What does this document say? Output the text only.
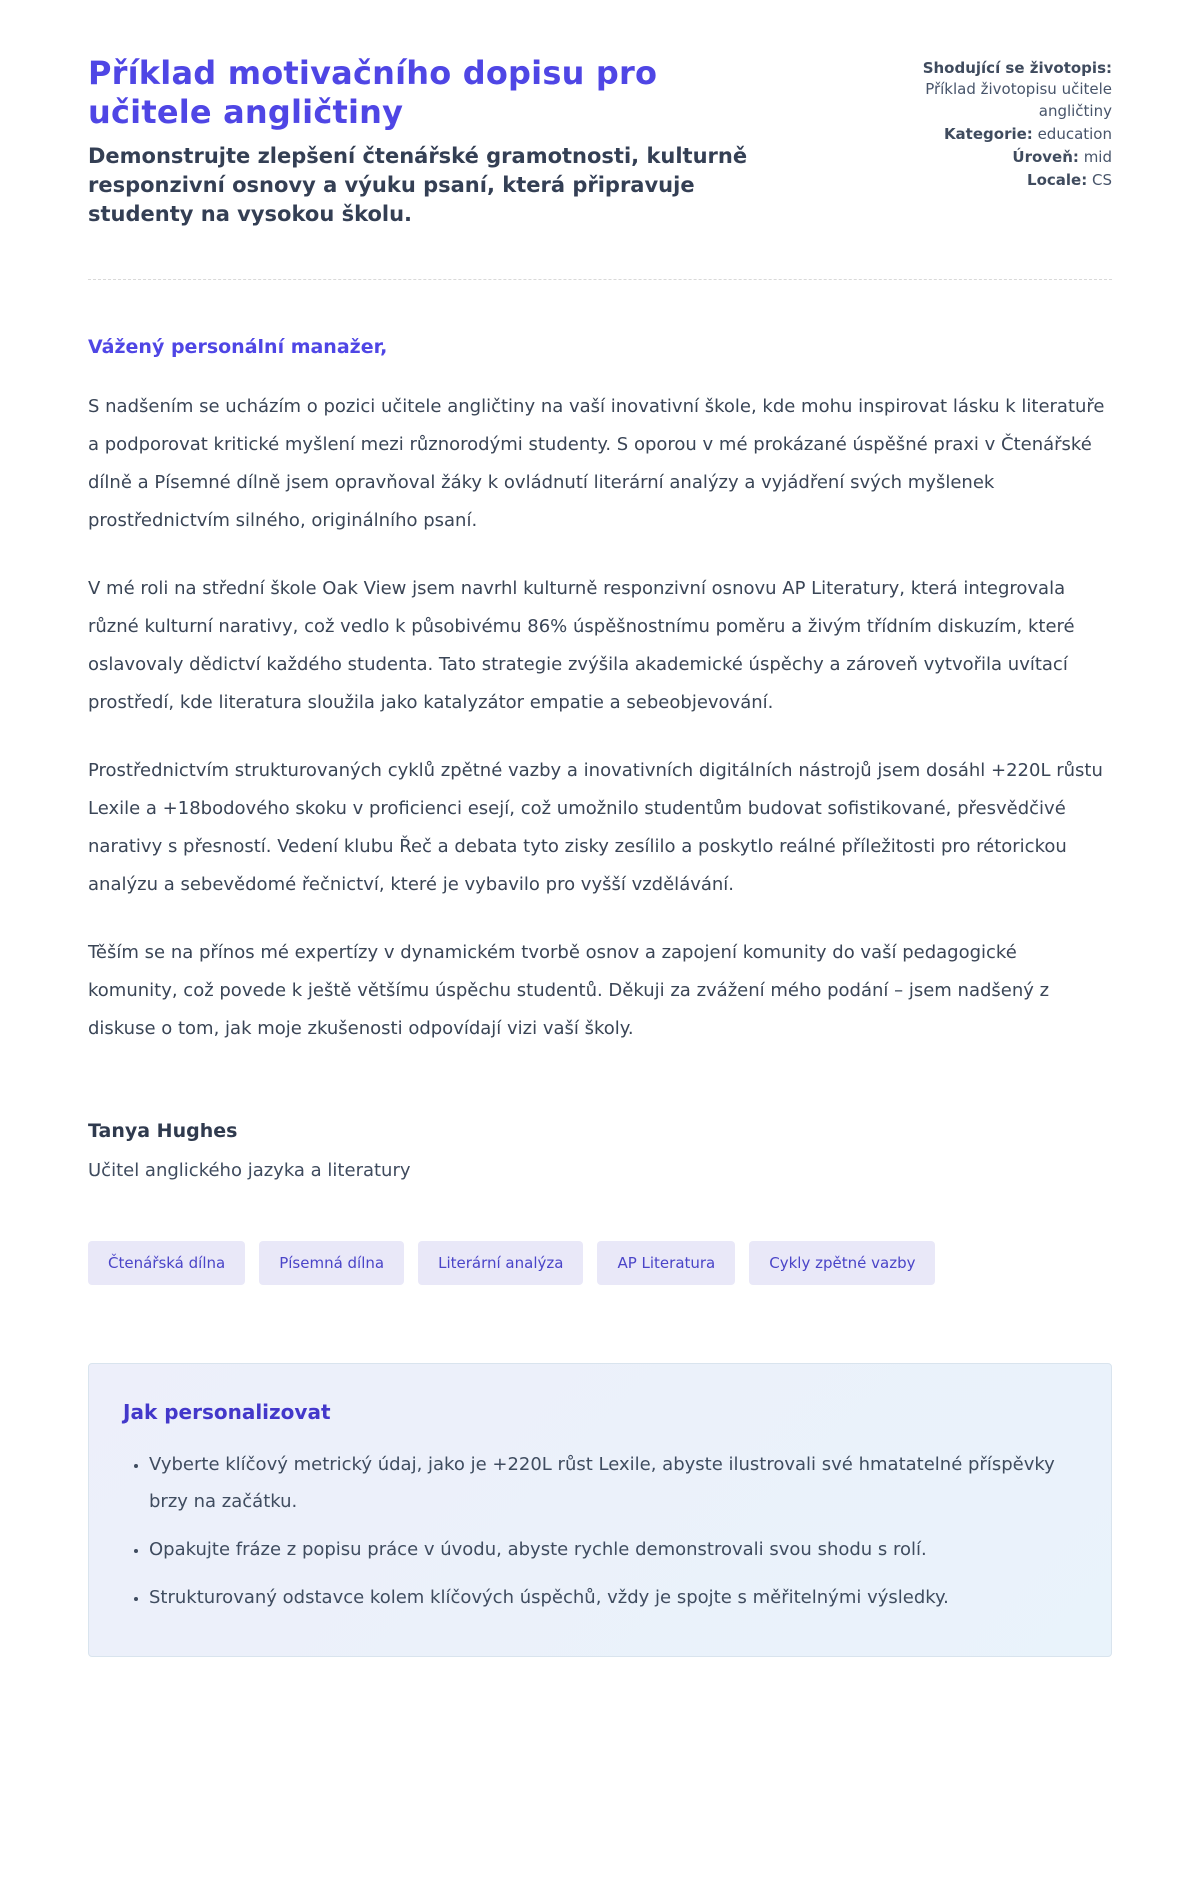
Příklad motivačního dopisu pro učitele angličtiny
Demonstrujte zlepšení čtenářské gramotnosti, kulturně responzivní osnovy a výuku psaní, která připravuje studenty na vysokou školu.
Shodující se životopis: Příklad životopisu učitele angličtiny
Kategorie: education
Úroveň: mid
Locale: CS
Vážený personální manažer,

S nadšením se ucházím o pozici učitele angličtiny na vaší inovativní škole, kde mohu inspirovat lásku k literatuře a podporovat kritické myšlení mezi různorodými studenty. S oporou v mé prokázané úspěšné praxi v Čtenářské dílně a Písemné dílně jsem opravňoval žáky k ovládnutí literární analýzy a vyjádření svých myšlenek prostřednictvím silného, originálního psaní.

V mé roli na střední škole Oak View jsem navrhl kulturně responzivní osnovu AP Literatury, která integrovala různé kulturní narativy, což vedlo k působivému 86% úspěšnostnímu poměru a živým třídním diskuzím, které oslavovaly dědictví každého studenta. Tato strategie zvýšila akademické úspěchy a zároveň vytvořila uvítací prostředí, kde literatura sloužila jako katalyzátor empatie a sebeobjevování.

Prostřednictvím strukturovaných cyklů zpětné vazby a inovativních digitálních nástrojů jsem dosáhl +220L růstu Lexile a +18bodového skoku v proficienci esejí, což umožnilo studentům budovat sofistikované, přesvědčivé narativy s přesností. Vedení klubu Řeč a debata tyto zisky zesílilo a poskytlo reálné příležitosti pro rétorickou analýzu a sebevědomé řečnictví, které je vybavilo pro vyšší vzdělávání.

Těším se na přínos mé expertízy v dynamickém tvorbě osnov a zapojení komunity do vaší pedagogické komunity, což povede k ještě většímu úspěchu studentů. Děkuji za zvážení mého podání – jsem nadšený z diskuse o tom, jak moje zkušenosti odpovídají vizi vaší školy.

Tanya Hughes
Učitel anglického jazyka a literatury
Čtenářská dílna	Písemná dílna	Literární analýza	AP Literatura	Cykly zpětné vazby
Jak personalizovat
• Vyberte klíčový metrický údaj, jako je +220L růst Lexile, abyste ilustrovali své hmatatelné příspěvky brzy na začátku.
• Opakujte fráze z popisu práce v úvodu, abyste rychle demonstrovali svou shodu s rolí.
• Strukturovaný odstavce kolem klíčových úspěchů, vždy je spojte s měřitelnými výsledky.
